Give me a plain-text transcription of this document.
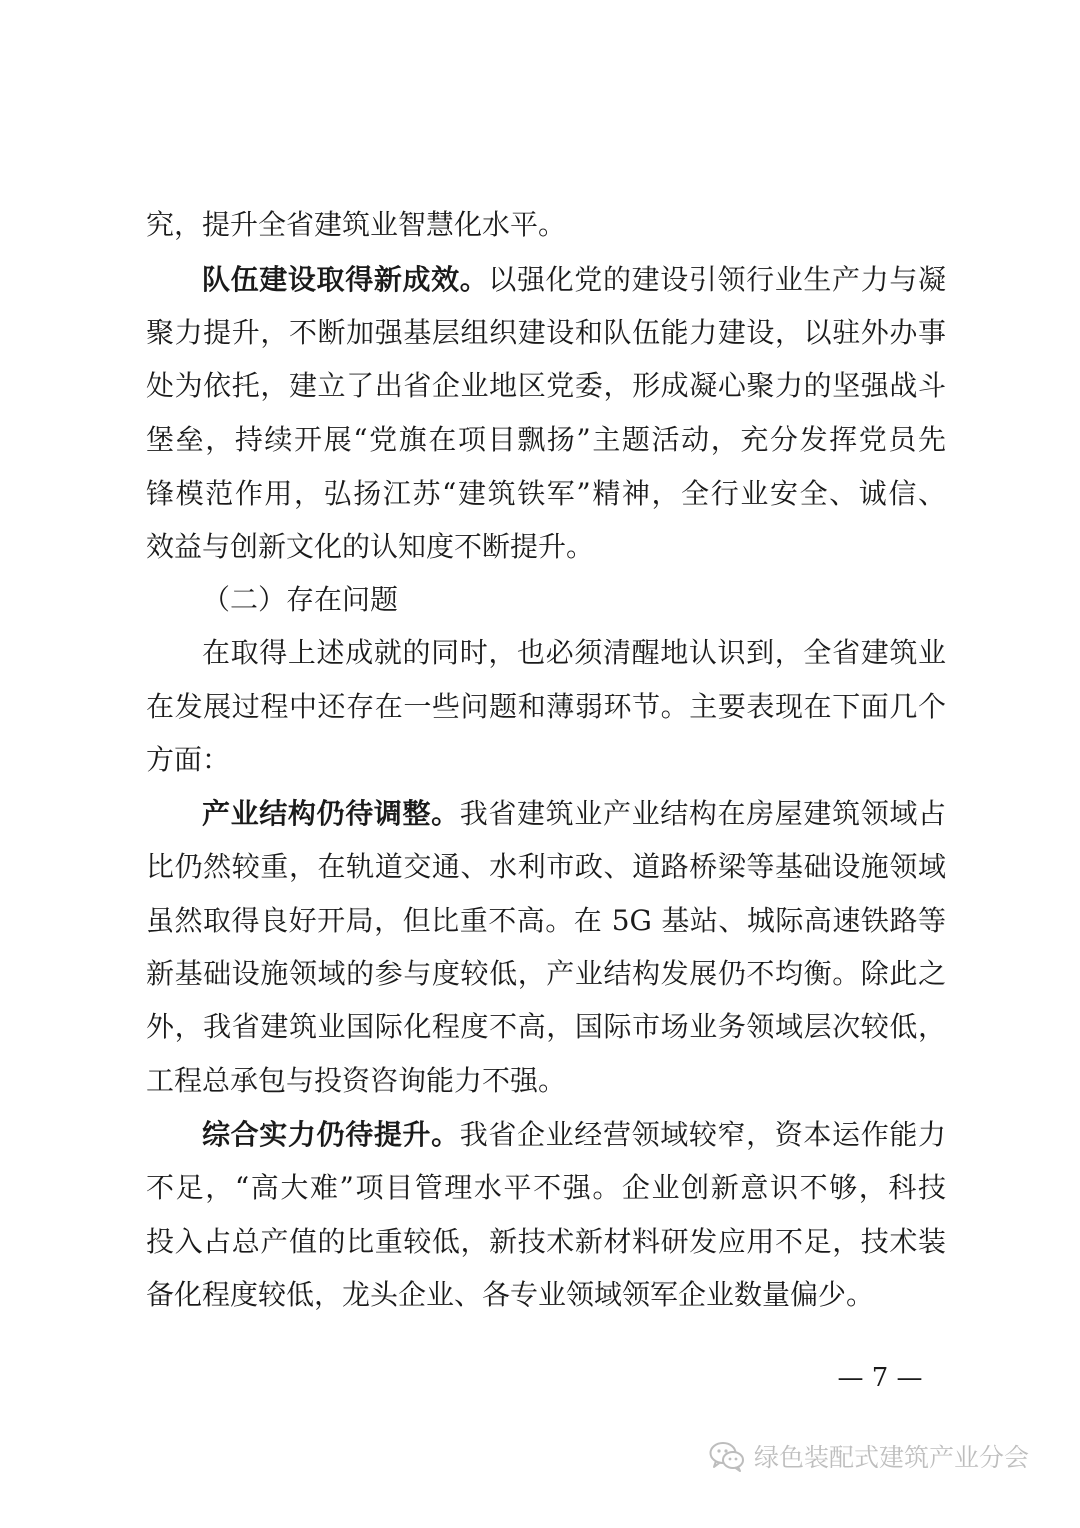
究，提升全省建筑业智慧化水平。
队伍建设取得新成效。以强化党的建设引领行业生产力与凝
聚力提升，不断加强基层组织建设和队伍能力建设，以驻外办事
处为依托，建立了出省企业地区党委，形成凝心聚力的坚强战斗
堡垒，持续开展“党旗在项目飘扬”主题活动，充分发挥党员先
锋模范作用，弘扬江苏“建筑铁军”精神，全行业安全、诚信、
效益与创新文化的认知度不断提升。
（二）存在问题
在取得上述成就的同时，也必须清醒地认识到，全省建筑业
在发展过程中还存在一些问题和薄弱环节。主要表现在下面几个
方面：
产业结构仍待调整。我省建筑业产业结构在房屋建筑领域占
比仍然较重，在轨道交通、水利市政、道路桥梁等基础设施领域
虽然取得良好开局，但比重不高。在 5G 基站、城际高速铁路等
新基础设施领域的参与度较低，产业结构发展仍不均衡。除此之
外，我省建筑业国际化程度不高，国际市场业务领域层次较低，
工程总承包与投资咨询能力不强。
综合实力仍待提升。我省企业经营领域较窄，资本运作能力
不足，“高大难”项目管理水平不强。企业创新意识不够，科技
投入占总产值的比重较低，新技术新材料研发应用不足，技术装
备化程度较低，龙头企业、各专业领域领军企业数量偏少。
— 7 —
绿色装配式建筑产业分会
